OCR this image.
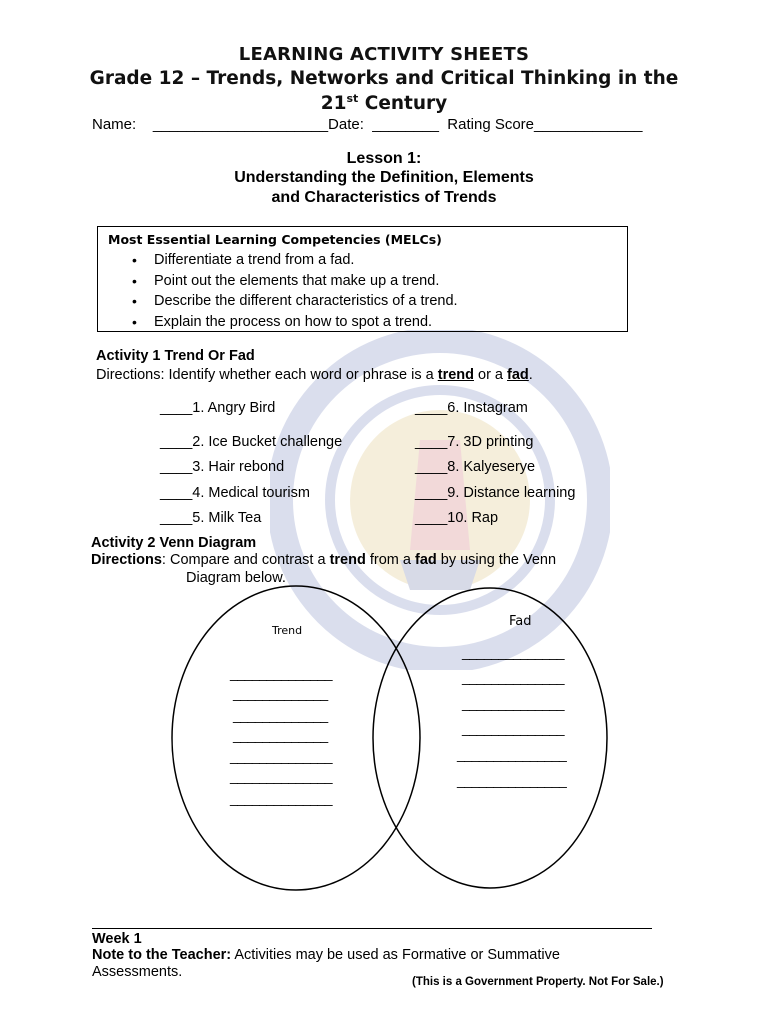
LEARNING ACTIVITY SHEETS
Grade 12 – Trends, Networks and Critical Thinking in the
21st Century
Name:    _____________________Date:  ________  Rating Score_____________
Lesson 1:
Understanding the Definition, Elements
and Characteristics of Trends
Most Essential Learning Competencies (MELCs)
• Differentiate a trend from a fad.
• Point out the elements that make up a trend.
• Describe the different characteristics of a trend.
• Explain the process on how to spot a trend.
Activity 1 Trend Or Fad
Directions: Identify whether each word or phrase is a trend or a fad.
____1. Angry Bird
____2. Ice Bucket challenge
____3. Hair rebond
____4. Medical tourism
____5. Milk Tea
____6. Instagram
____7. 3D printing
____8. Kalyeserye
____9. Distance learning
____10. Rap
Activity 2 Venn Diagram
Directions: Compare and contrast a trend from a fad by using the Venn
Diagram below.
Trend
Fad
______________
_____________
_____________
_____________
______________
______________
______________
______________
______________
______________
______________
_______________
_______________
Week 1
Note to the Teacher: Activities may be used as Formative or Summative
Assessments.
(This is a Government Property. Not For Sale.)
